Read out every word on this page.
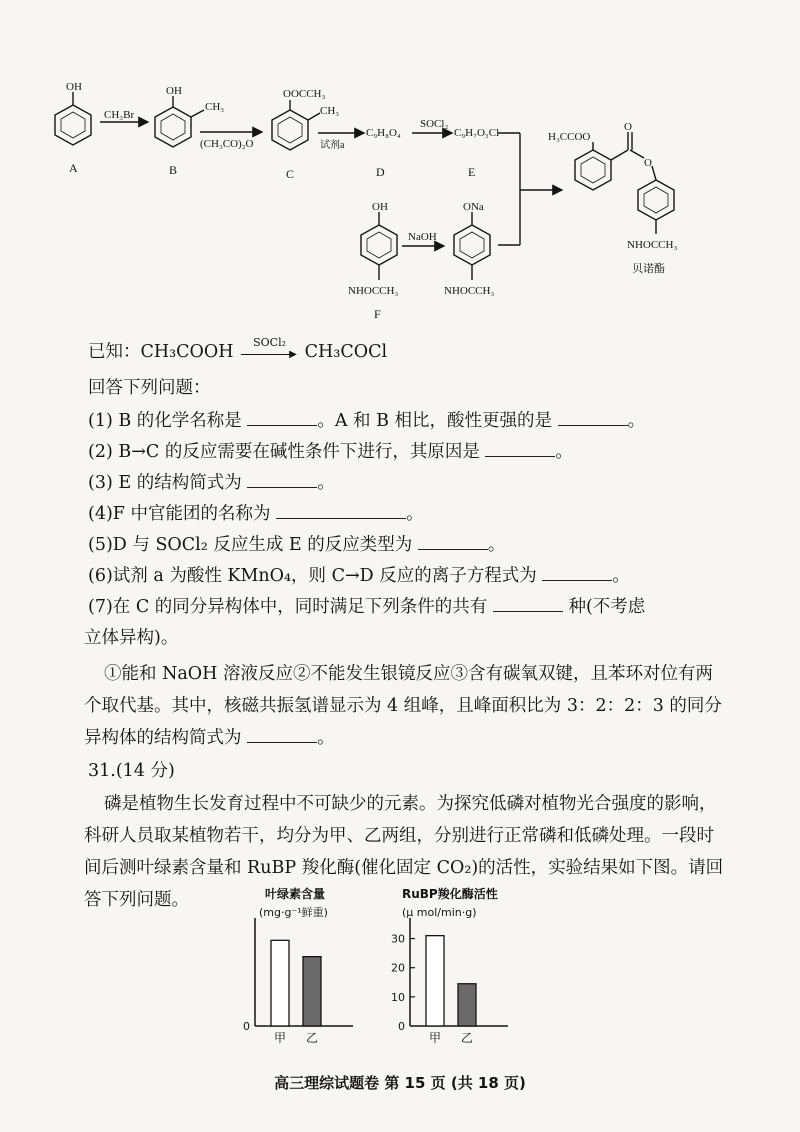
OH
A
CH₃Br
OH
CH₃
B
(CH₃CO)₂O
OOCCH₃
CH₃
C
试剂a
C₉H₈O₄
D
SOCl₂
C₉H₇O₃Cl
E
OH
NHOCCH₃
F
NaOH
ONa
NHOCCH₃
H₃CCOO
O
O
NHOCCH₃
贝诺酯
已知：CH₃COOH SOCl₂
▶ CH₃COCl
回答下列问题：
(1) B 的化学名称是	。A 和 B 相比，酸性更强的是	。
(2) B→C 的反应需要在碱性条件下进行，其原因是	。
(3) E 的结构简式为	。
(4)F 中官能团的名称为	。
(5)D 与 SOCl₂ 反应生成 E 的反应类型为	。
(6)试剂 a 为酸性 KMnO₄，则 C→D 反应的离子方程式为	。
(7)在 C 的同分异构体中，同时满足下列条件的共有	种(不考虑
立体异构)。
①能和 NaOH 溶液反应②不能发生银镜反应③含有碳氧双键，且苯环对位有两个取代基。其中，核磁共振氢谱显示为 4 组峰，且峰面积比为 3：2：2：3 的同分异构体的结构简式为	。
31.(14 分)
磷是植物生长发育过程中不可缺少的元素。为探究低磷对植物光合强度的影响，科研人员取某植物若干，均分为甲、乙两组，分别进行正常磷和低磷处理。一段时间后测叶绿素含量和 RuBP 羧化酶(催化固定 CO₂)的活性，实验结果如下图。请回答下列问题。	叶绿素含量
(mg·g⁻¹鲜重)
0
甲 乙
RuBP羧化酶活性
(μ mol/min·g)
0
10
20
30
甲 乙
高三理综试题卷 第 15 页 (共 18 页)
